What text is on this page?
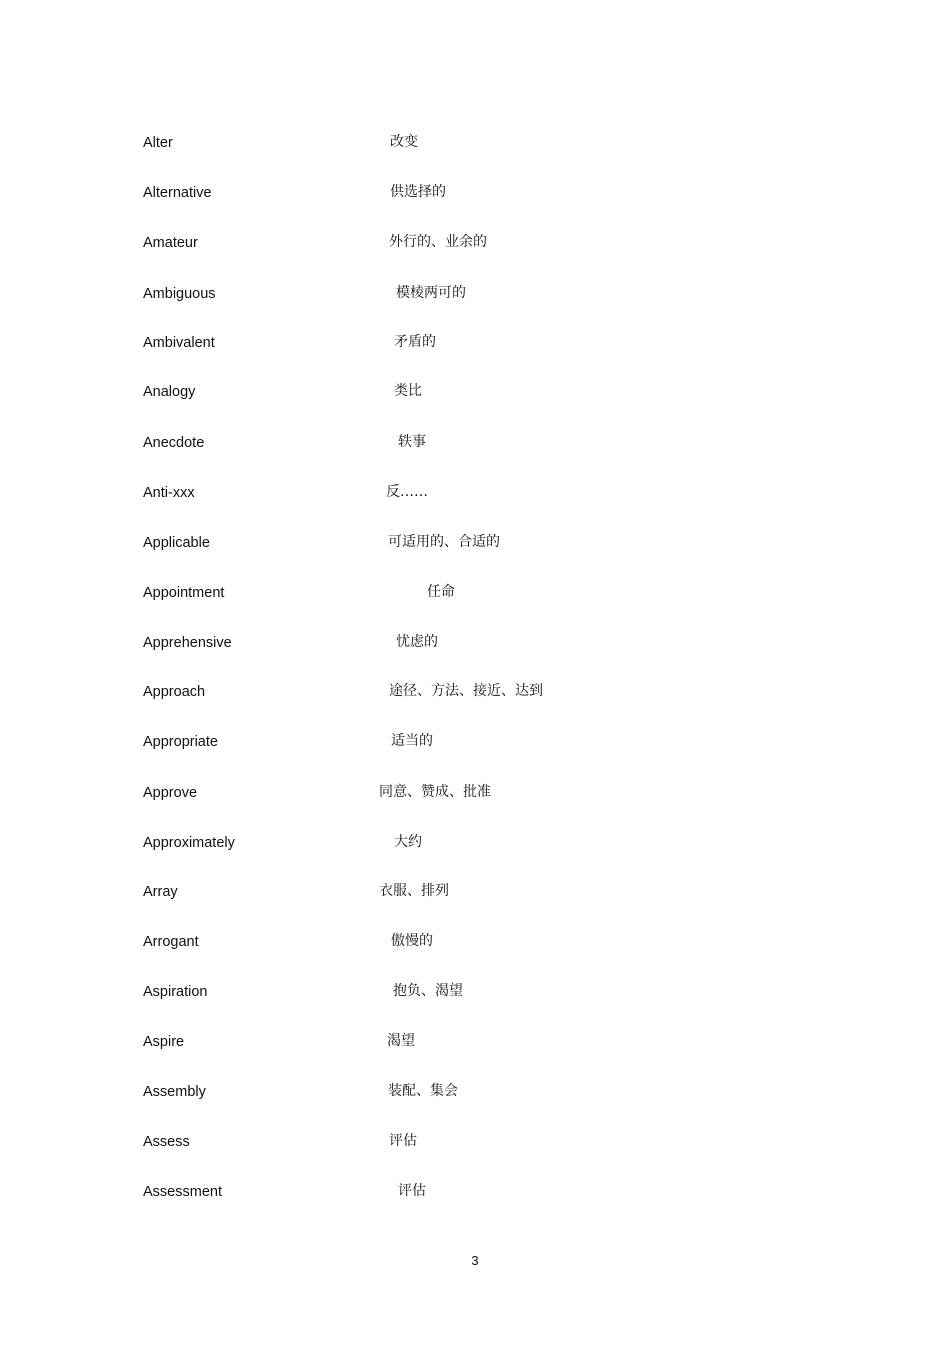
Alter	改变
Alternative	供选择的
Amateur	外行的、业余的
Ambiguous	模棱两可的
Ambivalent	矛盾的
Analogy	类比
Anecdote	轶事
Anti-xxx	反……
Applicable	可适用的、合适的
Appointment	任命
Apprehensive	忧虑的
Approach	途径、方法、接近、达到
Appropriate	适当的
Approve	同意、赞成、批准
Approximately	大约
Array	衣服、排列
Arrogant	傲慢的
Aspiration	抱负、渴望
Aspire	渴望
Assembly	装配、集会
Assess	评估
Assessment	评估
3
